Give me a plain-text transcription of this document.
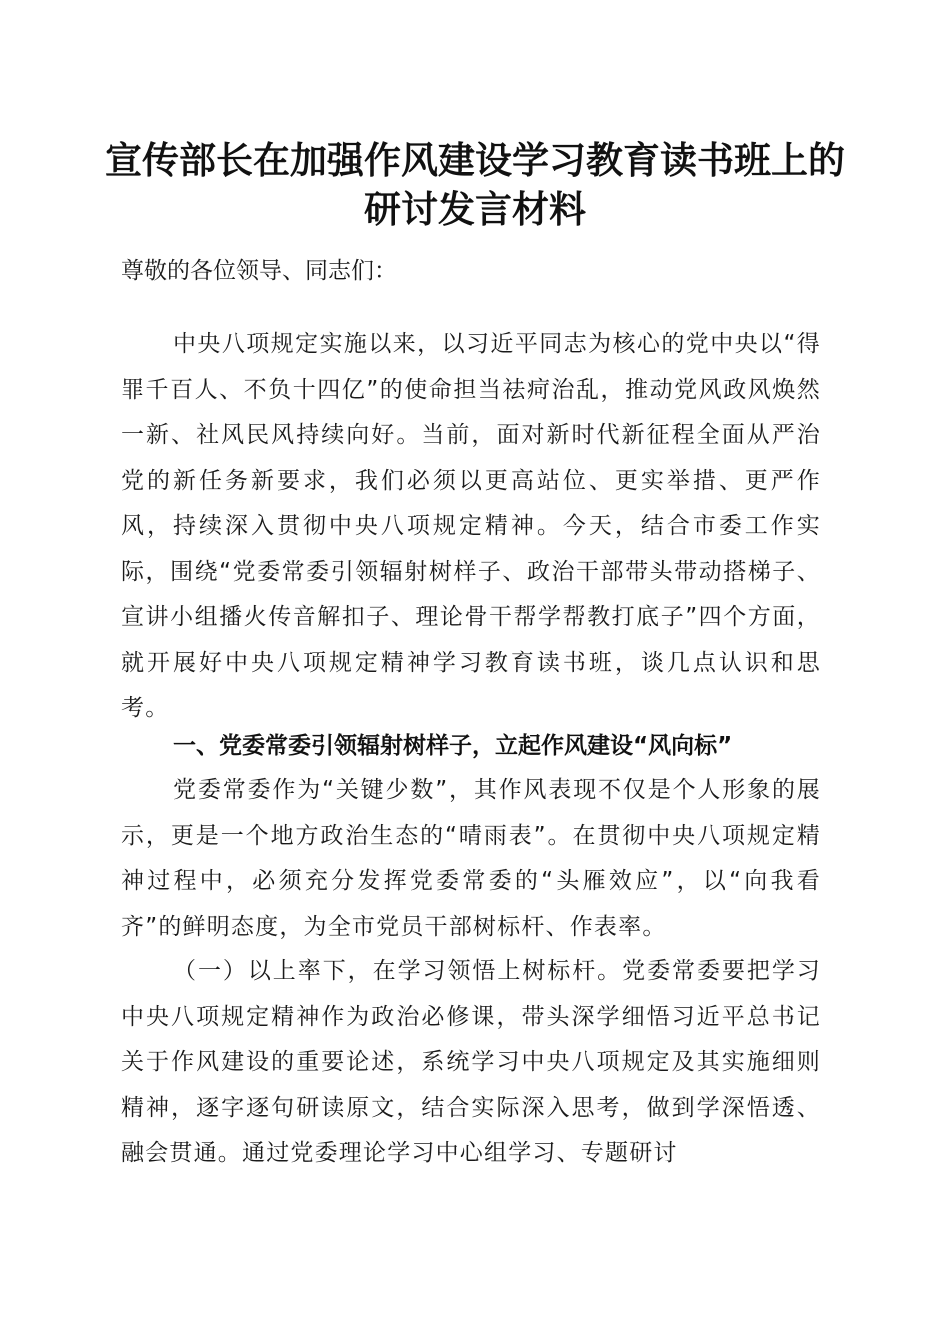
宣传部长在加强作风建设学习教育读书班上的
研讨发言材料
尊敬的各位领导、同志们：

中央八项规定实施以来，以习近平同志为核心的党中央以“得罪千百人、不负十四亿”的使命担当祛疴治乱，推动党风政风焕然一新、社风民风持续向好。当前，面对新时代新征程全面从严治党的新任务新要求，我们必须以更高站位、更实举措、更严作风，持续深入贯彻中央八项规定精神。今天，结合市委工作实际，围绕“党委常委引领辐射树样子、政治干部带头带动搭梯子、宣讲小组播火传音解扣子、理论骨干帮学帮教打底子”四个方面，就开展好中央八项规定精神学习教育读书班，谈几点认识和思考。

一、党委常委引领辐射树样子，立起作风建设“风向标”

党委常委作为“关键少数”，其作风表现不仅是个人形象的展示，更是一个地方政治生态的“晴雨表”。在贯彻中央八项规定精神过程中，必须充分发挥党委常委的“头雁效应”，以“向我看齐”的鲜明态度，为全市党员干部树标杆、作表率。

（一）以上率下，在学习领悟上树标杆。党委常委要把学习中央八项规定精神作为政治必修课，带头深学细悟习近平总书记关于作风建设的重要论述，系统学习中央八项规定及其实施细则精神，逐字逐句研读原文，结合实际深入思考，做到学深悟透、融会贯通。通过党委理论学习中心组学习、专题研讨
